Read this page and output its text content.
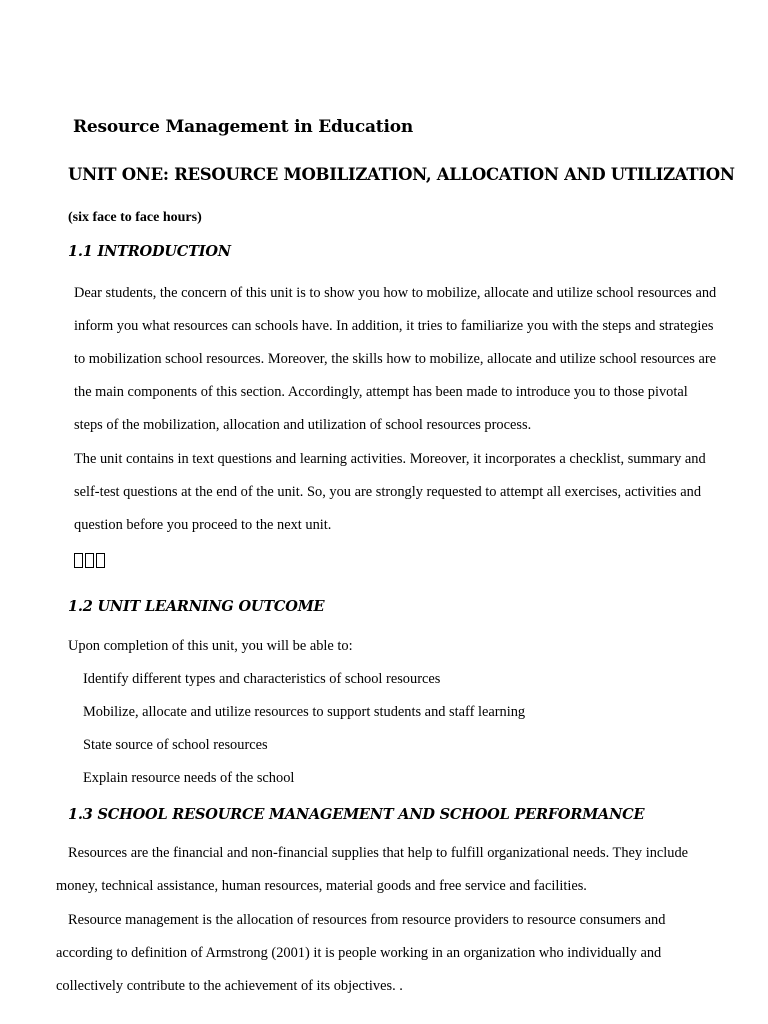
Resource Management in Education
UNIT ONE: RESOURCE MOBILIZATION, ALLOCATION AND UTILIZATION
(six face to face hours)
1.1 INTRODUCTION
Dear students, the concern of this unit is to show you how to mobilize, allocate and utilize school resources and
inform you what resources can schools have. In addition, it tries to familiarize you with the steps and strategies
to mobilization school resources. Moreover, the skills how to mobilize, allocate and utilize school resources are
the main components of this section. Accordingly, attempt has been made to introduce you to those pivotal
steps of the mobilization, allocation and utilization of school resources process.
The unit contains in text questions and learning activities. Moreover, it incorporates a checklist, summary and
self-test questions at the end of the unit. So, you are strongly requested to attempt all exercises, activities and
question before you proceed to the next unit.
1.2 UNIT LEARNING OUTCOME
Upon completion of this unit, you will be able to:
Identify different types and characteristics of school resources
Mobilize, allocate and utilize resources to support students and staff learning
State source of school resources
Explain resource needs of the school
1.3 SCHOOL RESOURCE MANAGEMENT AND SCHOOL PERFORMANCE
Resources are the financial and non-financial supplies that help to fulfill organizational needs. They include
money, technical assistance, human resources, material goods and free service and facilities.
Resource management is the allocation of resources from resource providers to resource consumers and
according to definition of Armstrong (2001) it is people working in an organization who individually and
collectively contribute to the achievement of its objectives. .
